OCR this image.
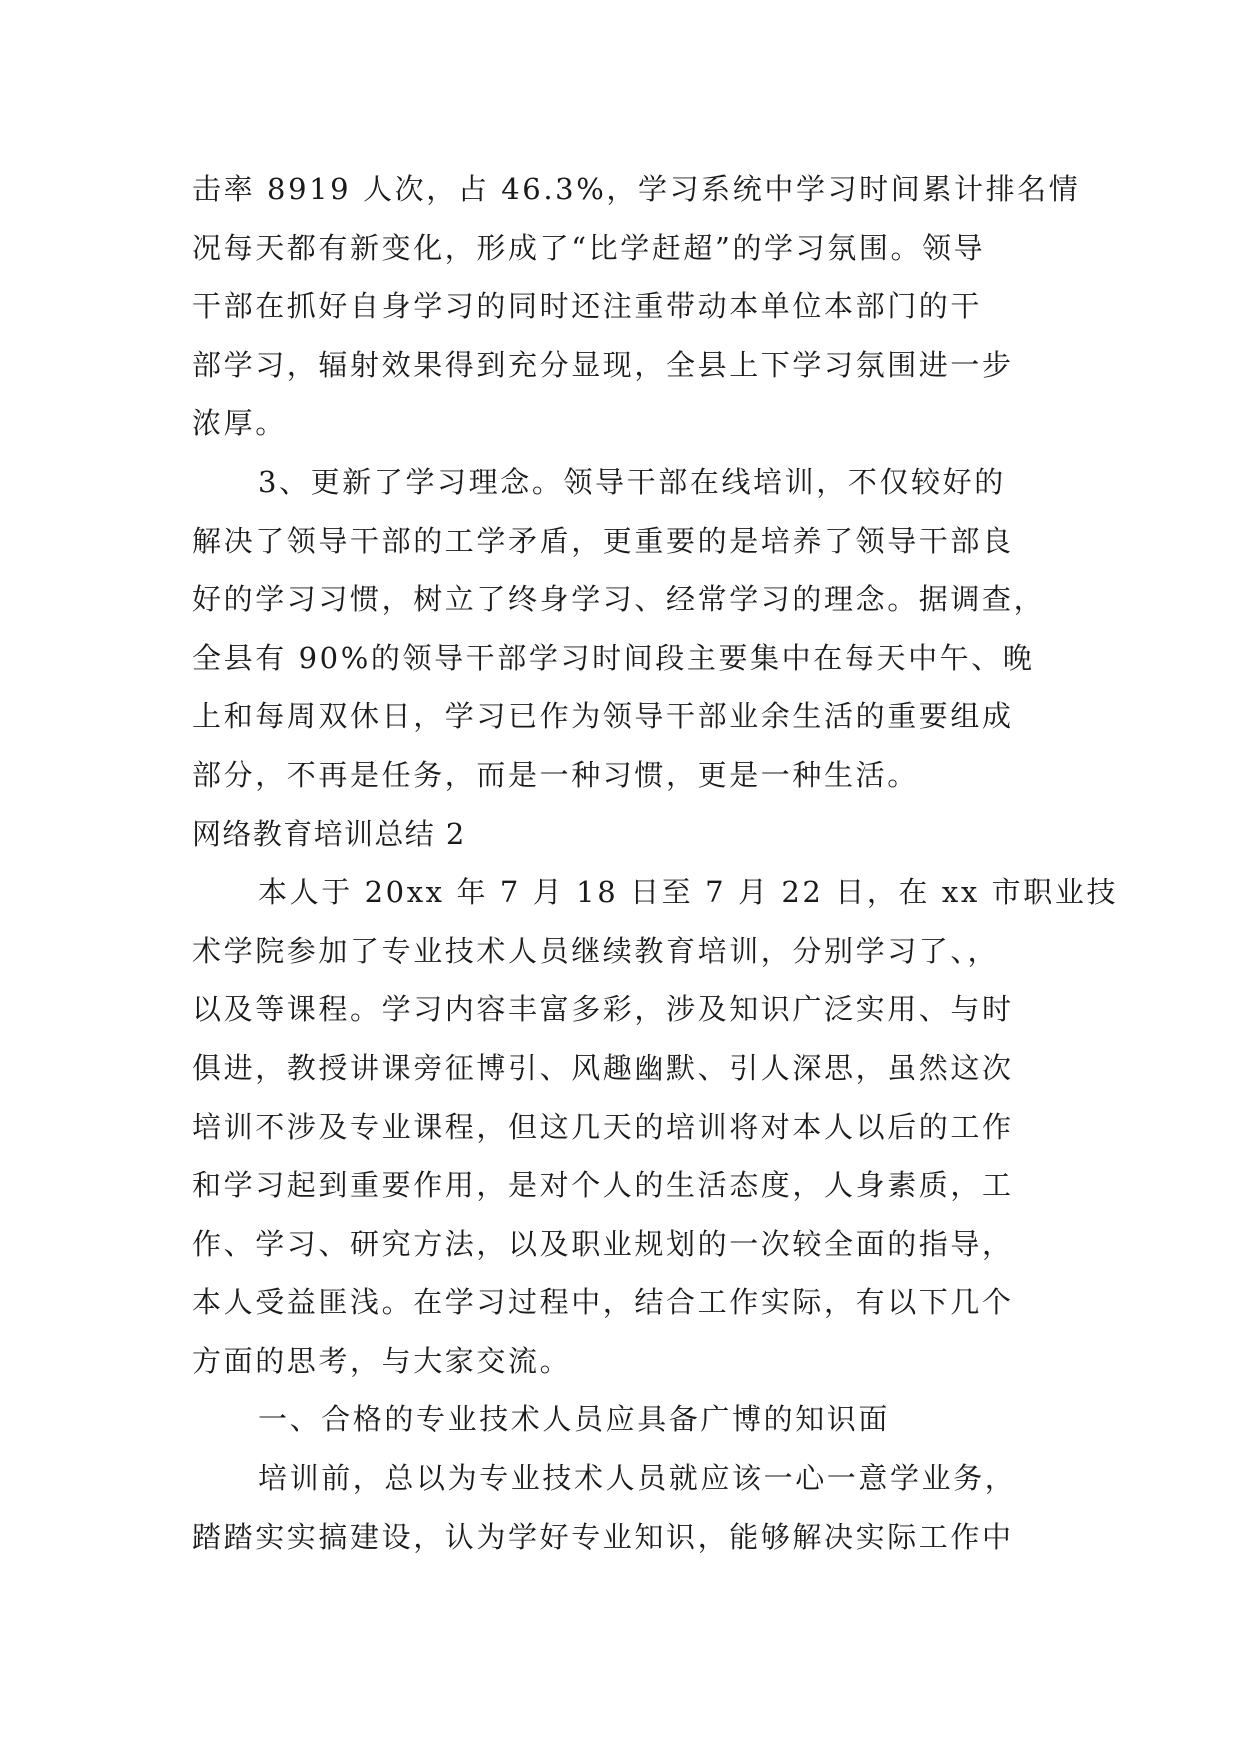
击率 8919 人次，占 46.3%，学习系统中学习时间累计排名情
况每天都有新变化，形成了“比学赶超”的学习氛围。领导
干部在抓好自身学习的同时还注重带动本单位本部门的干
部学习，辐射效果得到充分显现，全县上下学习氛围进一步
浓厚。
3、更新了学习理念。领导干部在线培训，不仅较好的
解决了领导干部的工学矛盾，更重要的是培养了领导干部良
好的学习习惯，树立了终身学习、经常学习的理念。据调查，
全县有 90%的领导干部学习时间段主要集中在每天中午、晚
上和每周双休日，学习已作为领导干部业余生活的重要组成
部分，不再是任务，而是一种习惯，更是一种生活。
网络教育培训总结 2
本人于 20xx 年 7 月 18 日至 7 月 22 日，在 xx 市职业技
术学院参加了专业技术人员继续教育培训，分别学习了、，
以及等课程。学习内容丰富多彩，涉及知识广泛实用、与时
俱进，教授讲课旁征博引、风趣幽默、引人深思，虽然这次
培训不涉及专业课程，但这几天的培训将对本人以后的工作
和学习起到重要作用，是对个人的生活态度，人身素质，工
作、学习、研究方法，以及职业规划的一次较全面的指导，
本人受益匪浅。在学习过程中，结合工作实际，有以下几个
方面的思考，与大家交流。
一、合格的专业技术人员应具备广博的知识面
培训前，总以为专业技术人员就应该一心一意学业务，
踏踏实实搞建设，认为学好专业知识，能够解决实际工作中
